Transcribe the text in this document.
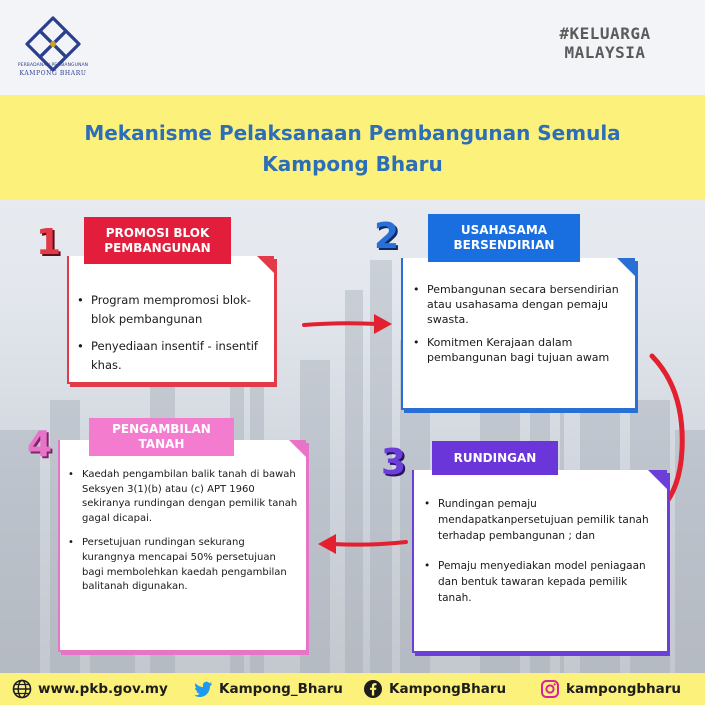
PERBADANAN PEMBANGUNAN
KAMPONG BHARU
#KELUARGA
MALAYSIA
Mekanisme Pelaksanaan Pembangunan Semula
Kampong Bharu
1	2
3
4
PROMOSI BLOK PEMBANGUNAN
USAHASAMA BERSENDIRIAN
RUNDINGAN
PENGAMBILAN TANAH
• Program mempromosi blok-blok pembangunan
• Penyediaan insentif - insentif khas.
• Pembangunan secara bersendirian atau usahasama dengan pemaju swasta.
• Komitmen Kerajaan dalam pembangunan bagi tujuan awam
• Rundingan pemaju mendapatkanpersetujuan pemilik tanah terhadap pembangunan ; dan
• Pemaju menyediakan model peniagaan dan bentuk tawaran kepada pemilik tanah.
• Kaedah pengambilan balik tanah di bawah Seksyen 3(1)(b) atau (c) APT 1960 sekiranya rundingan dengan pemilik tanah gagal dicapai.
• Persetujuan rundingan sekurang kurangnya mencapai 50% persetujuan bagi membolehkan kaedah pengambilan balitanah digunakan.
www.pkb.gov.my	Kampong_Bharu	KampongBharu	kampongbharu
